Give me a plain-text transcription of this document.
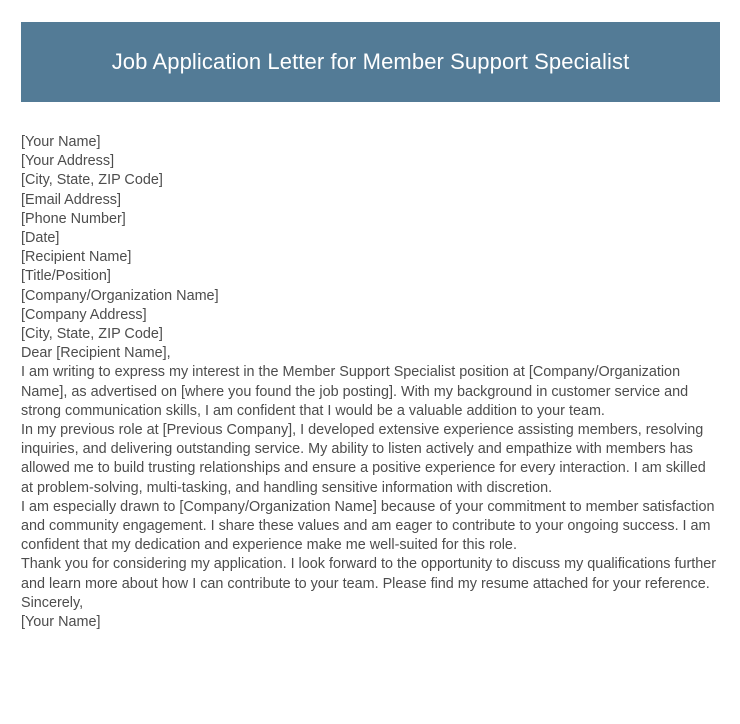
Job Application Letter for Member Support Specialist
[Your Name]
[Your Address]
[City, State, ZIP Code]
[Email Address]
[Phone Number]
[Date]
[Recipient Name]
[Title/Position]
[Company/Organization Name]
[Company Address]
[City, State, ZIP Code]
Dear [Recipient Name],

I am writing to express my interest in the Member Support Specialist position at [Company/Organization Name], as advertised on [where you found the job posting]. With my background in customer service and strong communication skills, I am confident that I would be a valuable addition to your team.

In my previous role at [Previous Company], I developed extensive experience assisting members, resolving inquiries, and delivering outstanding service. My ability to listen actively and empathize with members has allowed me to build trusting relationships and ensure a positive experience for every interaction. I am skilled at problem-solving, multi-tasking, and handling sensitive information with discretion.

I am especially drawn to [Company/Organization Name] because of your commitment to member satisfaction and community engagement. I share these values and am eager to contribute to your ongoing success. I am confident that my dedication and experience make me well-suited for this role.

Thank you for considering my application. I look forward to the opportunity to discuss my qualifications further and learn more about how I can contribute to your team. Please find my resume attached for your reference.

Sincerely,
[Your Name]
